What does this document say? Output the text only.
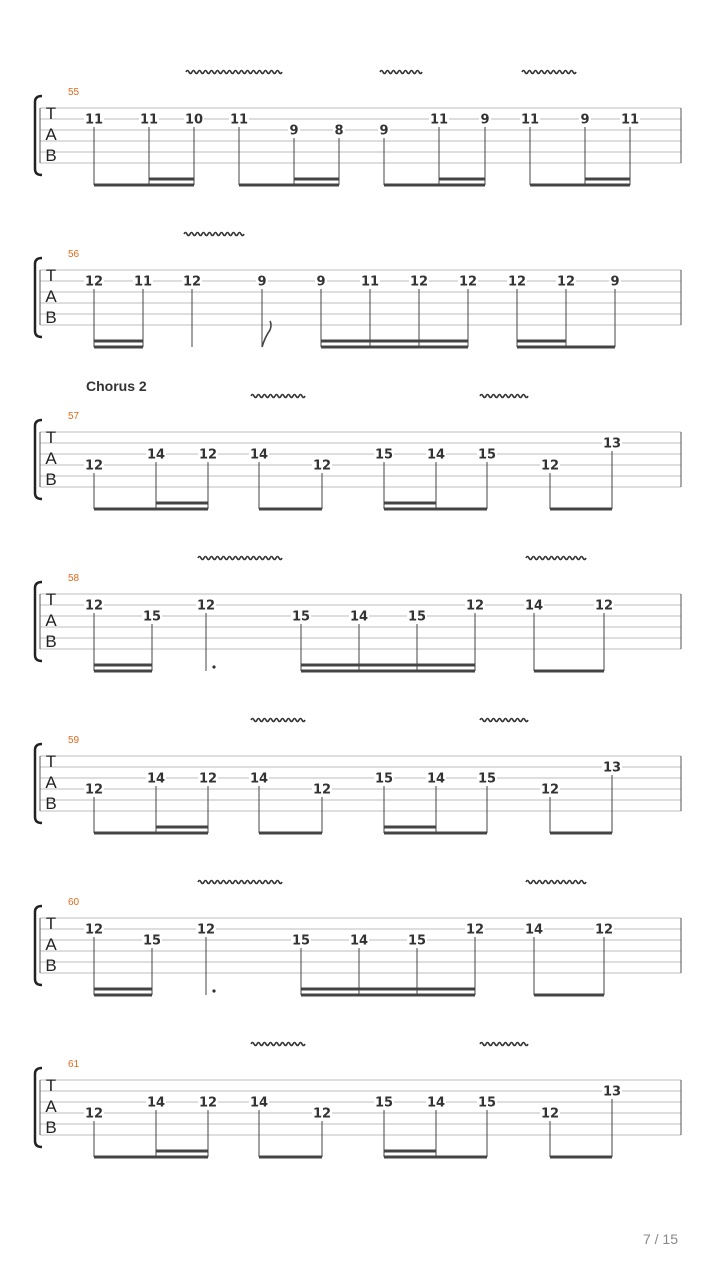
55
T
A
B
11	11 10 11
9	8	9
11 9 11	9 11
56
T
A
B
12 11 12	9	9	11 12 12 12 12	9
Chorus 2
57
T
A
B
12
14	12	14
12
15	14	15
12
13
58
T
A
B
12
15
12
15	14	15
12	14	12
59
T
A
B
12
14	12	14
12
15	14	15
12
13
60
T
A
B
12
15
12
15	14	15
12	14	12
61
T
A
B
12
14	12	14
12
15	14	15
12
13
7 / 15
